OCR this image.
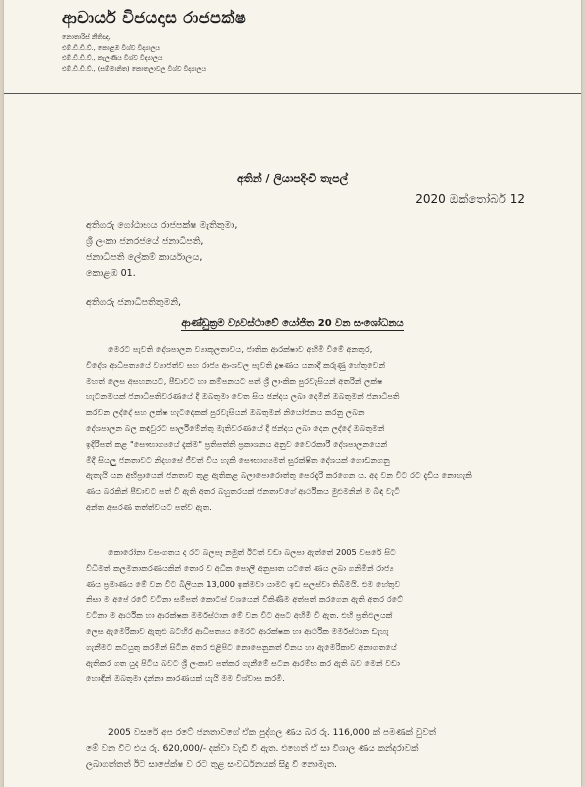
ආචාර්ය විජයදාස රාජපක්ෂ
නොතාරිස් නීතිඥ,
එම්.ඩී.ඩී.ව්., කොළඹ විශ්ව විද්‍යාලය
එම්.ඩී.ඩී.ව්., කැලණිය විශ්ව විද්‍යාලය
එම්.ඩී.ඩී.ව්., (සම්මානිත) කොතලාවල විශ්ව විද්‍යාලය
අතින් / ලියාපදිංචි තැපල්
2020 ඔක්තෝබර් 12
අතිගරු ගෝඨාභය රාජපක්ෂ මැතිතුමා,
ශ්‍රී ලංකා ජනරජයේ ජනාධිපති,
ජනාධිපති ලේකම් කාර්යාලය,
කොළඹ 01.
අතිගරු ජනාධිපතිතුමනි,
ආණ්ඩුක්‍රම ව්‍යවස්ථාවේ යෝජිත 20 වන සංශෝධනය
මෙරට පැවති දේශපාලන ව්‍යාකූලතාවය, ජාතික ආරක්ෂාව අහිමි වීමේ අනතුර,
විදේශ ආධිපත්‍යයේ ව්‍යාජත්ව සහ රාජ්‍ය ආංශවල පැවති දූෂණය යනාදී කරුණු හේතුවෙන්
මහත් ලෙස අසහනයට, පීඩාවට හා කම්පනයට පත් ශ්‍රී ලාංකික පුරවැසියන් අතරින් ලක්ෂ
හැටනමයක් ජනාධිපතිවරණයේ දී ඔබතුමා වෙත සිය ඡන්දය ලබා දෙමින් ඔබතුමන් ජනාධිපති
කරවන ලද්දේ සහ ලක්ෂ හැටදෙකක් පුරවැසියන් ඔබතුමන් නියෝජනය කරනු ලබන
දේශපාලන බල කඳවුරට පාර්ලිමේන්තු මැතිවරණයේ දී ඡන්දය ලබා දෙන ලද්දේ ඔබතුමන්
ඉදිරිපත් කළ "සෞභාග්‍යයේ දැක්ම" ප්‍රතිපත්ති ප්‍රකාශනය අනුව වෛරකාරී දේශපාලනයෙන්
මිදී සියලු ජනතාවට නිදහසේ ජීවත් විය හැකි සෞභාග්‍යමත් සුරක්ෂිත දේශයක් ගොඩනගනු
ඇතැයි යන අභිප්‍රායෙන් ජනතාව තුළ ඇතිකළ බලාපොරොත්තු පෙරදැරි කරගෙන ය. අද වන විට රට දැඩිය නොහැකි
ණය බරකින් පීඩාවට පත් වී ඇති අතර බහුතරයක් ජනතාවගේ ආර්ථිකය මුළුමනින් ම බිඳ වැටී
අන්ත අසරණ තත්ත්වයට පත්ව ඇත.
කොරෝනා වසංගතය ද රට බලපෑ නමුත් ඊටත් වඩා බලපා ඇත්තේ 2005 වසරේ සිට
විධිමත් කලමනාකරණයකින් තොර ව අධික පොලී අනුපාත යටතේ ණය ලබා ගනිමින් රාජ්‍ය
ණය ප්‍රමාණය මේ වන විට බිලියන 13,000 ඉක්මවා යාමට ඉඩ සලස්වා තිබීමයි. එම හේතුව
නිසා ම අපේ රටේ වටිනා සම්පත් කොටස් වශයෙන් විකිණීම අත්පත් කරගෙන ඇති අතර රටේ
වටිනා ම ආර්ථික හා ආරක්ෂක මර්මස්ථාන මේ වන විට අපට අහිමි වී ඇත. එහි ප්‍රතිඵලයක්
ලෙස ඇමෙරිකාව ඇතුළු බටහිර ආධිපත්‍යය මෙරට ආරක්ෂක හා ආර්ථික මර්මස්ථාන ඩැහැ
ගැනීමට කටයුතු කරමින් සිටින අතර එළිපිට නොපෙනුනත් චීනය හා ඇමෙරිකාව අනාගතයේ
ඇතිකර ගත යුද පිටිය බවට ශ්‍රී ලංකාව පත්කර ගැනීමේ සටන ආරම්භ කර ඇති බව මෙන් වඩා
හොඳින් ඔබතුමා දන්නා කාරණයක් යැයි මම විශ්වාස කරමි.
2005 වසරේ අප රටේ ජනතාවගේ ඒක පුද්ගල ණය බර රු. 116,000 ක් පමණක් වුවත්
මේ වන විට එය රු. 620,000/- දක්වා වැඩි වී ඇත. එහෙත් ඒ සා විශාල ණය කන්දරාවක්
ලබාගත්තත් ඊට සාපේක්ෂ ව රට තුළ සංවර්ධනයක් සිදු වී නොමැත.
